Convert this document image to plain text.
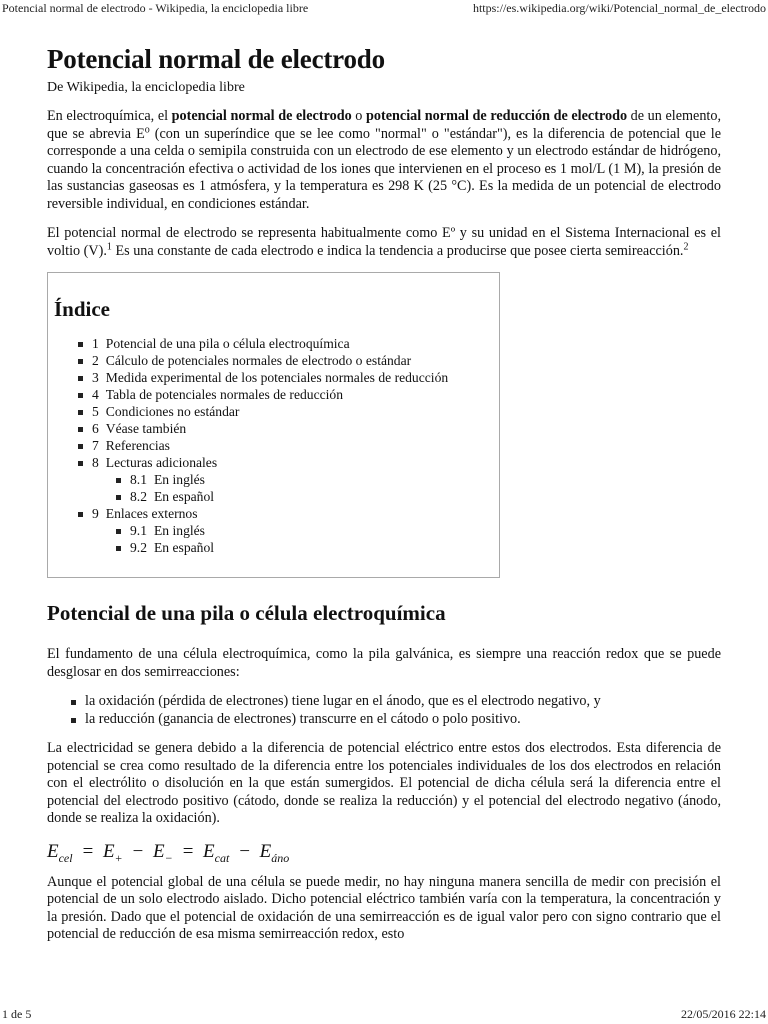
Potencial normal de electrodo - Wikipedia, la enciclopedia libre	https://es.wikipedia.org/wiki/Potencial_normal_de_electrodo
Potencial normal de electrodo
De Wikipedia, la enciclopedia libre

En electroquímica, el potencial normal de electrodo o potencial normal de reducción de electrodo de un elemento, que se abrevia $E^o$ (con un superíndice que se lee como "normal" o "estándar"), es la diferencia de potencial que le corresponde a una celda o semipila construida con un electrodo de ese elemento y un electrodo estándar de hidrógeno, cuando la concentración efectiva o actividad de los iones que intervienen en el proceso es 1 mol/L (1 M), la presión de las sustancias gaseosas es 1 atmósfera, y la temperatura es 298 K (25 °C). Es la medida de un potencial de electrodo reversible individual, en condiciones estándar.

El potencial normal de electrodo se representa habitualmente como Eº y su unidad en el Sistema Internacional es el voltio (V).$^1$ Es una constante de cada electrodo e indica la tendencia a producirse que posee cierta semireacción.$^2$

Índice
1 Potencial de una pila o célula electroquímica
2 Cálculo de potenciales normales de electrodo o estándar
3 Medida experimental de los potenciales normales de reducción
4 Tabla de potenciales normales de reducción
5 Condiciones no estándar
6 Véase también
7 Referencias
8 Lecturas adicionales
8.1 En inglés
8.2 En español
9 Enlaces externos
9.1 En inglés
9.2 En español
Potencial de una pila o célula electroquímica

El fundamento de una célula electroquímica, como la pila galvánica, es siempre una reacción redox que se puede desglosar en dos semirreacciones:

la oxidación (pérdida de electrones) tiene lugar en el ánodo, que es el electrodo negativo, y
la reducción (ganancia de electrones) transcurre en el cátodo o polo positivo.

La electricidad se genera debido a la diferencia de potencial eléctrico entre estos dos electrodos. Esta diferencia de potencial se crea como resultado de la diferencia entre los potenciales individuales de los dos electrodos en relación con el electrólito o disolución en la que están sumergidos. El potencial de dicha célula será la diferencia entre el potencial del electrodo positivo (cátodo, donde se realiza la reducción) y el potencial del electrodo negativo (ánodo, donde se realiza la oxidación).

$E_{cel} = E_+ - E_- = E_{cat} - E_{áno}$

Aunque el potencial global de una célula se puede medir, no hay ninguna manera sencilla de medir con precisión el potencial de un solo electrodo aislado. Dicho potencial eléctrico también varía con la temperatura, la concentración y la presión. Dado que el potencial de oxidación de una semirreacción es de igual valor pero con signo contrario que el potencial de reducción de esa misma semirreacción redox, esto

1 de 5	22/05/2016 22:14
